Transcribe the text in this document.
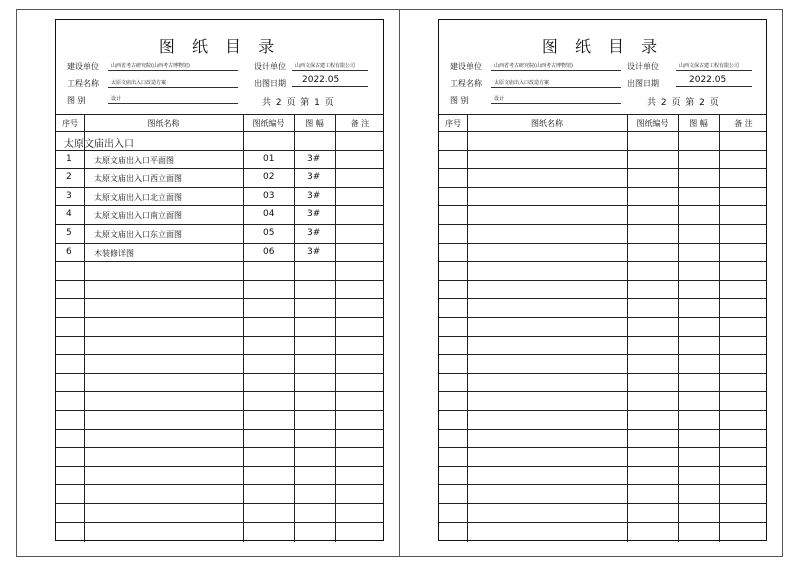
图 纸 目 录
建设单位 山西省考古研究院(山西考古博物馆)	设计单位 山西文保古建工程有限公司
工程名称 太原文庙出入口改造方案	出图日期 2022.05
图 别	设计	共 2 页 第 1 页
序号	图纸名称	图纸编号	图 幅	备 注
太原文庙出入口
1	太原文庙出入口平面图	01	3#
2	太原文庙出入口西立面图	02	3#
3	太原文庙出入口北立面图	03	3#
4	太原文庙出入口南立面图	04	3#
5	太原文庙出入口东立面图	05	3#
6	木装修详图	06	3#
图 纸 目 录
建设单位 山西省考古研究院(山西考古博物馆)	设计单位	山西文保古建工程有限公司
工程名称 太原文庙出入口改造方案	出图日期	2022.05
图 别	设计	共 2 页 第 2 页
序号	图纸名称	图纸编号	图 幅	备 注
